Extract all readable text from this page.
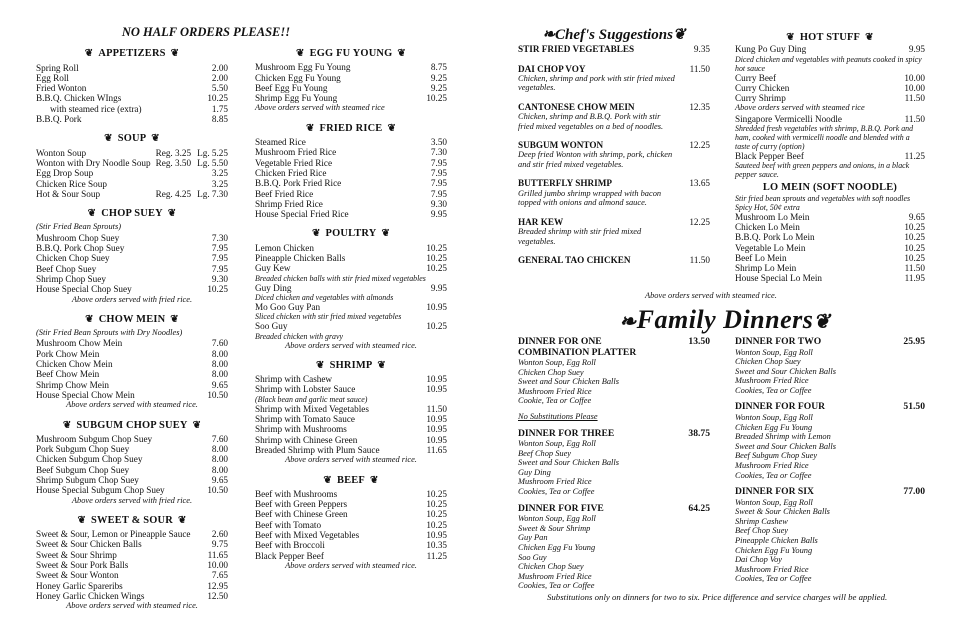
NO HALF ORDERS PLEASE!!
❦ APPETIZERS ❦
Spring Roll	2.00
Egg Roll	2.00
Fried Wonton	5.50
B.B.Q. Chicken WIngs	10.25
with steamed rice (extra)	1.75
B.B.Q. Pork	8.85
❦ SOUP ❦
Wonton Soup	Reg. 3.25 Lg. 5.25
Wonton with Dry Noodle Soup Reg. 3.50 Lg. 5.50
Egg Drop Soup	3.25
Chicken Rice Soup	3.25
Hot & Sour Soup	Reg. 4.25 Lg. 7.30
❦ CHOP SUEY ❦
(Stir Fried Bean Sprouts)
Mushroom Chop Suey	7.30
B.B.Q. Pork Chop Suey	7.95
Chicken Chop Suey	7.95
Beef Chop Suey	7.95
Shrimp Chop Suey	9.30
House Special Chop Suey	10.25
Above orders served with fried rice.
❦ CHOW MEIN ❦
(Stir Fried Bean Sprouts with Dry Noodles)
Mushroom Chow Mein	7.60
Pork Chow Mein	8.00
Chicken Chow Mein	8.00
Beef Chow Mein	8.00
Shrimp Chow Mein	9.65
House Special Chow Mein	10.50
Above orders served with steamed rice.
❦ SUBGUM CHOP SUEY ❦
Mushroom Subgum Chop Suey	7.60
Pork Subgum Chop Suey	8.00
Chicken Subgum Chop Suey	8.00
Beef Subgum Chop Suey	8.00
Shrimp Subgum Chop Suey	9.65
House Special Subgum Chop Suey	10.50
Above orders served with fried rice.
❦ SWEET & SOUR ❦
Sweet & Sour, Lemon or Pineapple Sauce	2.60
Sweet & Sour Chicken Balls	9.75
Sweet & Sour Shrimp	11.65
Sweet & Sour Pork Balls	10.00
Sweet & Sour Wonton	7.65
Honey Garlic Spareribs	12.95
Honey Garlic Chicken Wings	12.50
Above orders served with steamed rice.
❦ EGG FU YOUNG ❦
Mushroom Egg Fu Young	8.75
Chicken Egg Fu Young	9.25
Beef Egg Fu Young	9.25
Shrimp Egg Fu Young	10.25
Above orders served with steamed rice
❦ FRIED RICE ❦
Steamed Rice	3.50
Mushroom Fried Rice	7.30
Vegetable Fried Rice	7.95
Chicken Fried Rice	7.95
B.B.Q. Pork Fried Rice	7.95
Beef Fried Rice	7.95
Shrimp Fried Rice	9.30
House Special Fried Rice	9.95
❦ POULTRY ❦
Lemon Chicken	10.25
Pineapple Chicken Balls	10.25
Guy Kew	10.25
Breaded chicken balls with stir fried mixed vegetables
Guy Ding	9.95
Diced chicken and vegetables with almonds
Mo Goo Guy Pan	10.95
Sliced chicken with stir fried mixed vegetables
Soo Guy	10.25
Breaded chicken with gravy
Above orders served with steamed rice.
❦ SHRIMP ❦
Shrimp with Cashew	10.95
Shrimp with Lobster Sauce	10.95
(Black bean and garlic meat sauce)
Shrimp with Mixed Vegetables	11.50
Shrimp with Tomato Sauce	10.95
Shrimp with Mushrooms	10.95
Shrimp with Chinese Green	10.95
Breaded Shrimp with Plum Sauce	11.65
Above orders served with steamed rice.
❦ BEEF ❦
Beef with Mushrooms	10.25
Beef with Green Peppers	10.25
Beef with Chinese Green	10.25
Beef with Tomato	10.25
Beef with Mixed Vegetables	10.95
Beef with Broccoli	10.35
Black Pepper Beef	11.25
Above orders served with steamed rice.
❧Chef's Suggestions❦
STIR FRIED VEGETABLES	9.35
DAI CHOP VOY	11.50
Chicken, shrimp and pork with stir fried mixed vegetables.
CANTONESE CHOW MEIN	12.35
Chicken, shrimp and B.B.Q. Pork with stir fried mixed vegetables on a bed of noodles.
SUBGUM WONTON	12.25
Deep fried Wonton with shrimp, pork, chicken and stir fried mixed vegetables.
BUTTERFLY SHRIMP	13.65
Grilled jumbo shrimp wrapped with bacon topped with onions and almond sauce.
HAR KEW	12.25
Breaded shrimp with stir fried mixed vegetables.
GENERAL TAO CHICKEN	11.50
❦ HOT STUFF ❦
Kung Po Guy Ding	9.95
Diced chicken and vegetables with peanuts cooked in spicy hot sauce
Curry Beef	10.00
Curry Chicken	10.00
Curry Shrimp	11.50
Above orders served with steamed rice
Singapore Vermicelli Noodle	11.50
Shredded fresh vegetables with shrimp, B.B.Q. Pork and ham, cooked with vermicelli noodle and blended with a taste of curry (option)
Black Pepper Beef	11.25
Sauteed beef with green peppers and onions, in a black pepper sauce.
LO MEIN (SOFT NOODLE)
Stir fried bean sprouts and vegetables with soft noodles
Spicy Hot, 50¢ extra
Mushroom Lo Mein	9.65
Chicken Lo Mein	10.25
B.B.Q. Pork Lo Mein	10.25
Vegetable Lo Mein	10.25
Beef Lo Mein	10.25
Shrimp Lo Mein	11.50
House Special Lo Mein	11.95
Above orders served with steamed rice.
❧Family Dinners❦
DINNER FOR ONE	13.50
COMBINATION PLATTER
Wonton Soup, Egg Roll
Chicken Chop Suey
Sweet and Sour Chicken Balls
Mushroom Fried Rice
Cookie, Tea or Coffee
No Substitutions Please
DINNER FOR THREE	38.75
Wonton Soup, Egg Roll
Beef Chop Suey
Sweet and Sour Chicken Balls
Guy Ding
Mushroom Fried Rice
Cookies, Tea or Coffee
DINNER FOR FIVE	64.25
Wonton Soup, Egg Roll
Sweet & Sour Shrimp
Guy Pan
Chicken Egg Fu Young
Soo Guy
Chicken Chop Suey
Mushroom Fried Rice
Cookies, Tea or Coffee
DINNER FOR TWO	25.95
Wonton Soup, Egg Roll
Chicken Chop Suey
Sweet and Sour Chicken Balls
Mushroom Fried Rice
Cookies, Tea or Coffee
DINNER FOR FOUR	51.50
Wonton Soup, Egg Roll
Chicken Egg Fu Young
Breaded Shrimp with Lemon
Sweet and Sour Chicken Balls
Beef Subgum Chop Suey
Mushroom Fried Rice
Cookies, Tea or Coffee
DINNER FOR SIX	77.00
Wonton Soup, Egg Roll
Sweet & Sour Chicken Balls
Shrimp Cashew
Beef Chop Suey
Pineapple Chicken Balls
Chicken Egg Fu Young
Dai Chop Voy
Mushroom Fried Rice
Cookies, Tea or Coffee
Substitutions only on dinners for two to six. Price difference and service charges will be applied.
